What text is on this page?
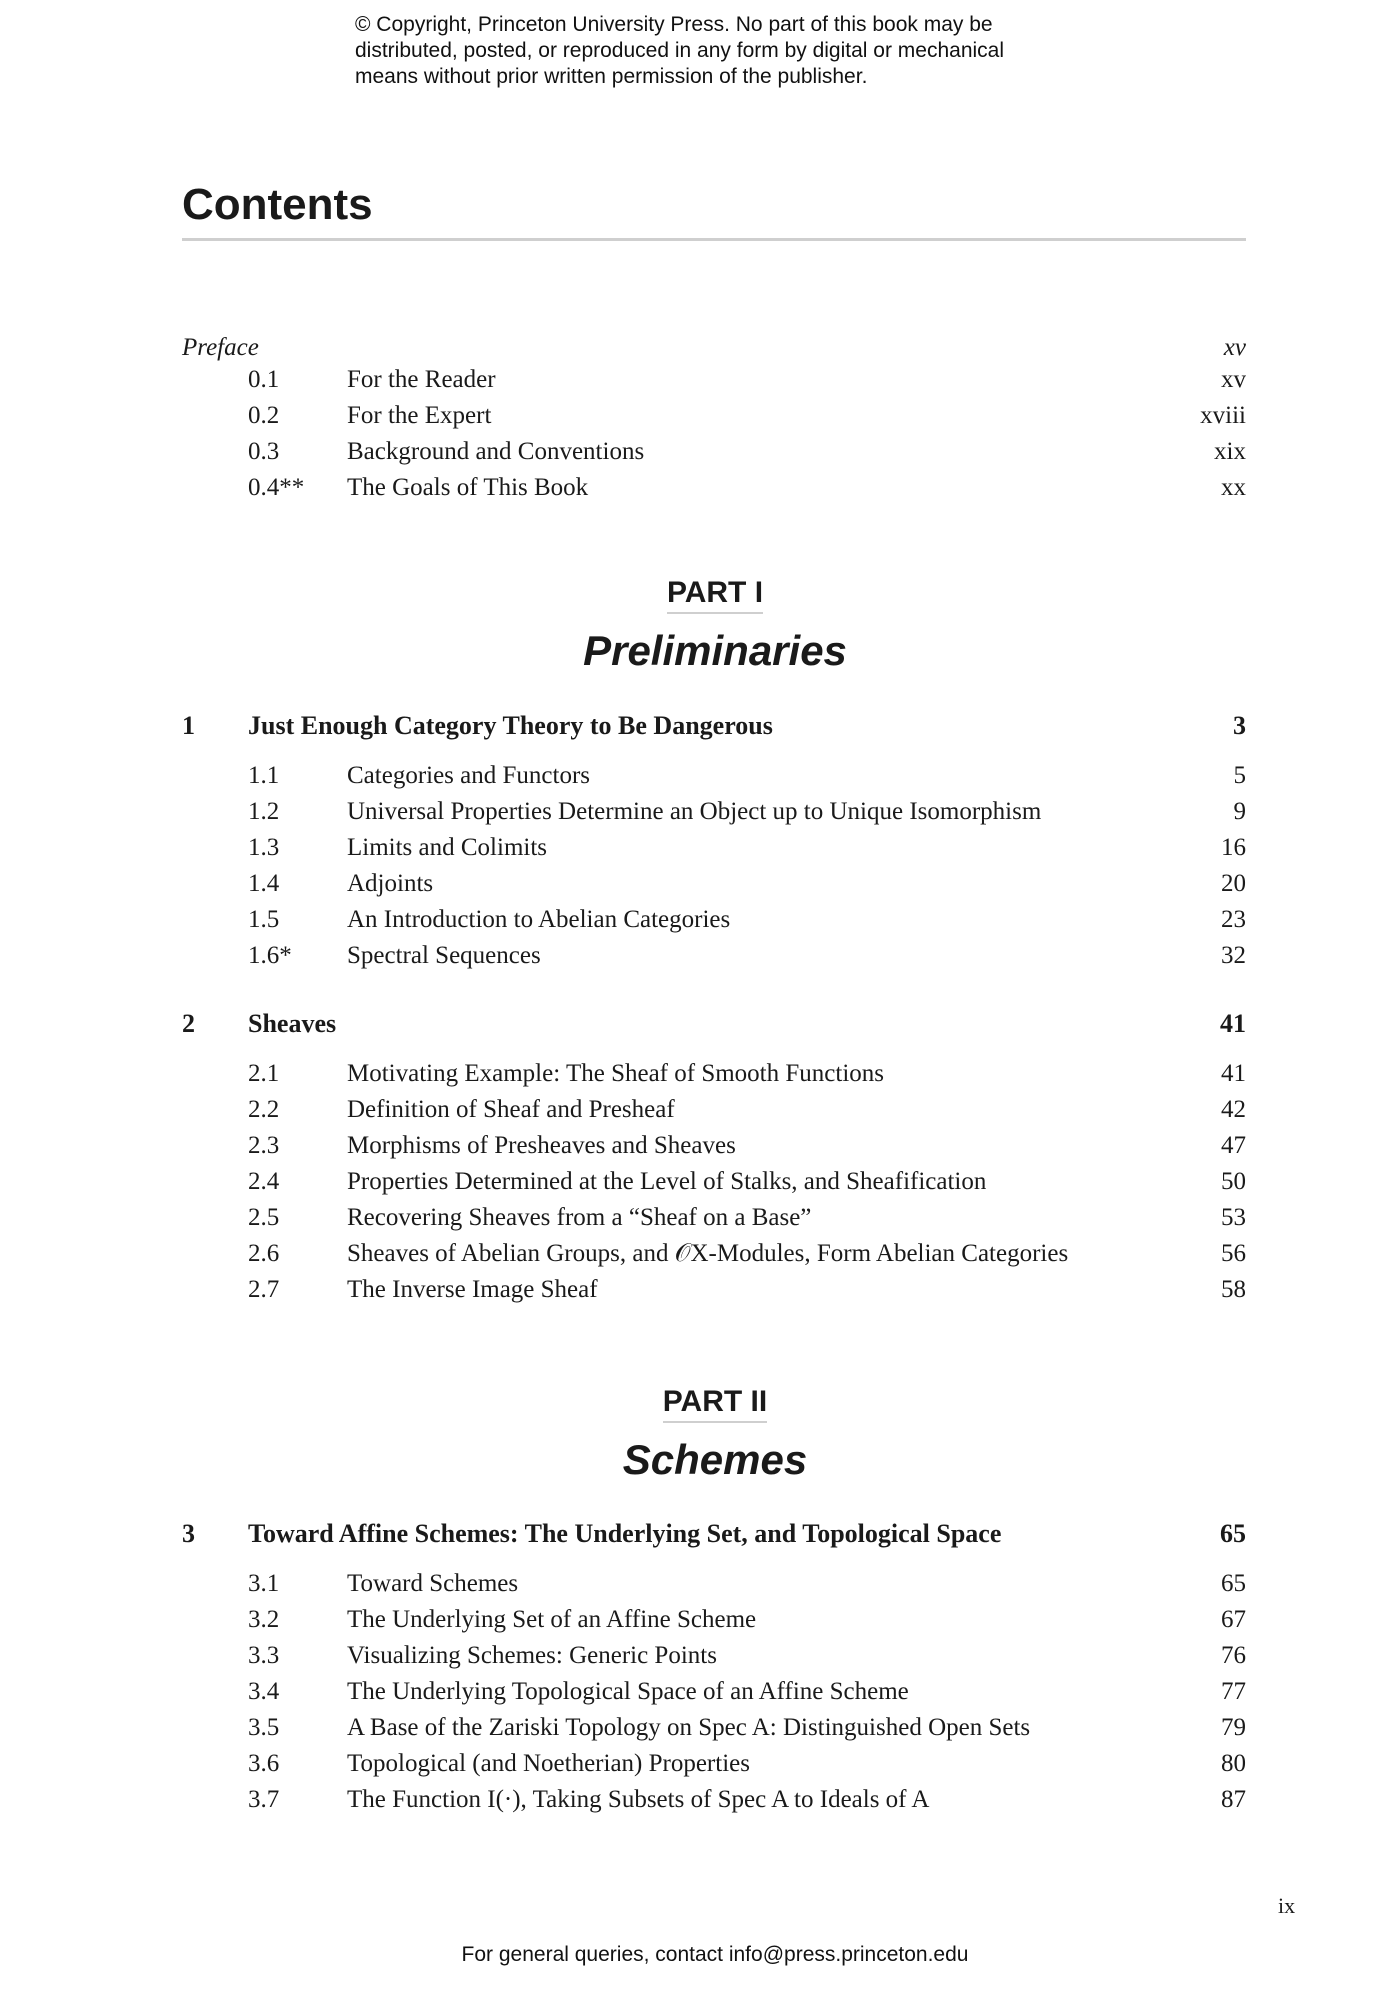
© Copyright, Princeton University Press. No part of this book may be
distributed, posted, or reproduced in any form by digital or mechanical
means without prior written permission of the publisher.
Contents
Preface	xv
0.1	For the Reader	xv
0.2	For the Expert	xviii
0.3	Background and Conventions	xix
0.4** The Goals of This Book	xx
PART I
Preliminaries
1 Just Enough Category Theory to Be Dangerous	3
1.1	Categories and Functors	5
1.2	Universal Properties Determine an Object up to Unique Isomorphism	9
1.3	Limits and Colimits	16
1.4	Adjoints	20
1.5	An Introduction to Abelian Categories	23
1.6* Spectral Sequences	32
2 Sheaves	41
2.1	Motivating Example: The Sheaf of Smooth Functions	41
2.2	Definition of Sheaf and Presheaf	42
2.3	Morphisms of Presheaves and Sheaves	47
2.4	Properties Determined at the Level of Stalks, and Sheafification	50
2.5	Recovering Sheaves from a “Sheaf on a Base”	53
2.6	Sheaves of Abelian Groups, and 𝒪X-Modules, Form Abelian Categories	56
2.7	The Inverse Image Sheaf	58
PART II
Schemes
3 Toward Affine Schemes: The Underlying Set, and Topological Space	65
3.1	Toward Schemes	65
3.2	The Underlying Set of an Affine Scheme	67
3.3	Visualizing Schemes: Generic Points	76
3.4	The Underlying Topological Space of an Affine Scheme	77
3.5	A Base of the Zariski Topology on Spec A: Distinguished Open Sets	79
3.6	Topological (and Noetherian) Properties	80
3.7	The Function I(·), Taking Subsets of Spec A to Ideals of A	87
ix
For general queries, contact info@press.princeton.edu
